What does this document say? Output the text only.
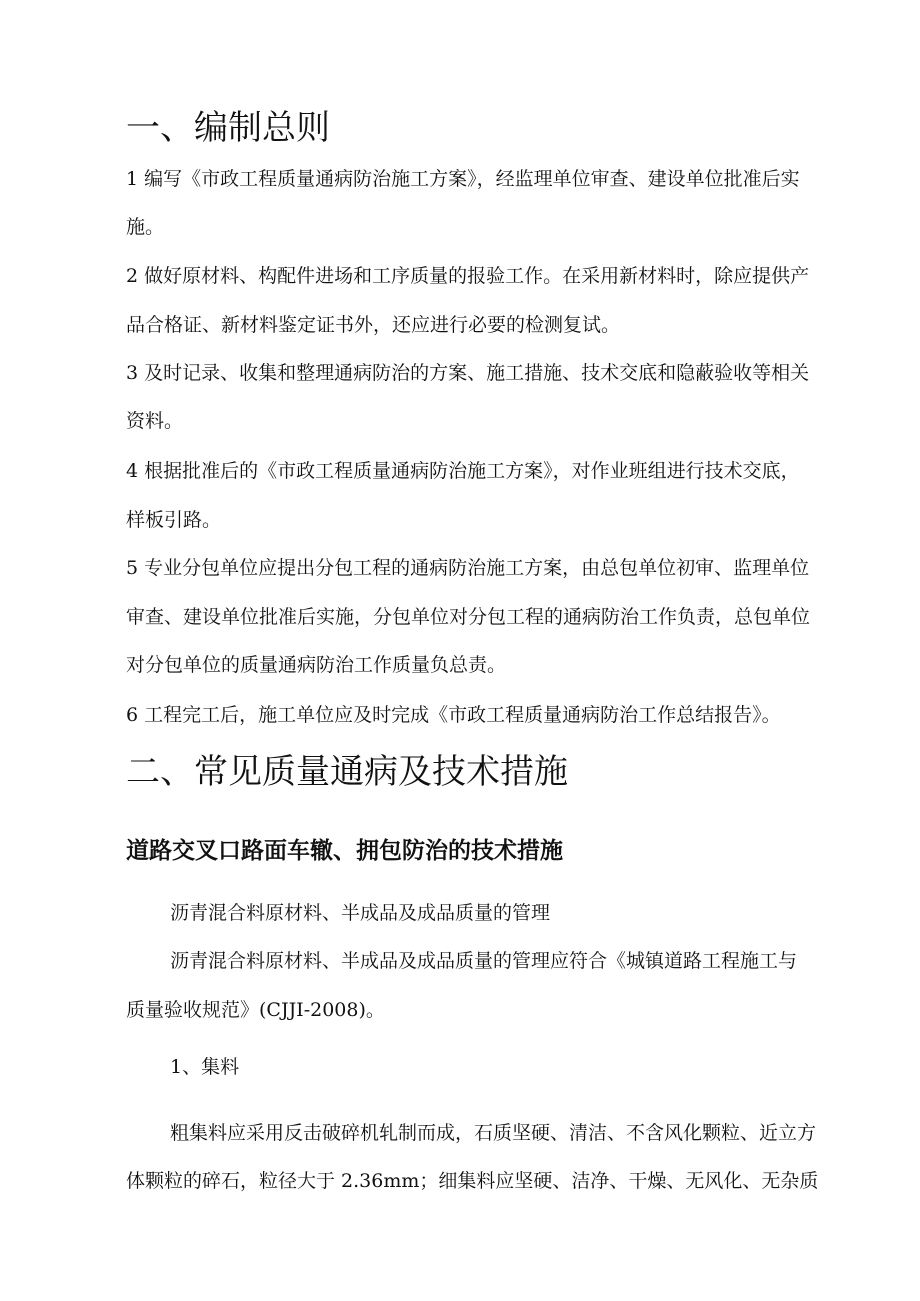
一、编制总则

1 编写《市政工程质量通病防治施工方案》，经监理单位审查、建设单位批准后实

施。

2 做好原材料、构配件进场和工序质量的报验工作。在采用新材料时，除应提供产

品合格证、新材料鉴定证书外，还应进行必要的检测复试。

3 及时记录、收集和整理通病防治的方案、施工措施、技术交底和隐蔽验收等相关

资料。

4 根据批准后的《市政工程质量通病防治施工方案》，对作业班组进行技术交底，

样板引路。

5 专业分包单位应提出分包工程的通病防治施工方案，由总包单位初审、监理单位

审查、建设单位批准后实施，分包单位对分包工程的通病防治工作负责，总包单位

对分包单位的质量通病防治工作质量负总责。

6 工程完工后，施工单位应及时完成《市政工程质量通病防治工作总结报告》。

二、常见质量通病及技术措施
道路交叉口路面车辙、拥包防治的技术措施

沥青混合料原材料、半成品及成品质量的管理

沥青混合料原材料、半成品及成品质量的管理应符合《城镇道路工程施工与

质量验收规范》(CJJI-2008)。

1、集料

粗集料应采用反击破碎机轧制而成，石质坚硬、清洁、不含风化颗粒、近立方

体颗粒的碎石，粒径大于 2.36mm；细集料应坚硬、洁净、干燥、无风化、无杂质
